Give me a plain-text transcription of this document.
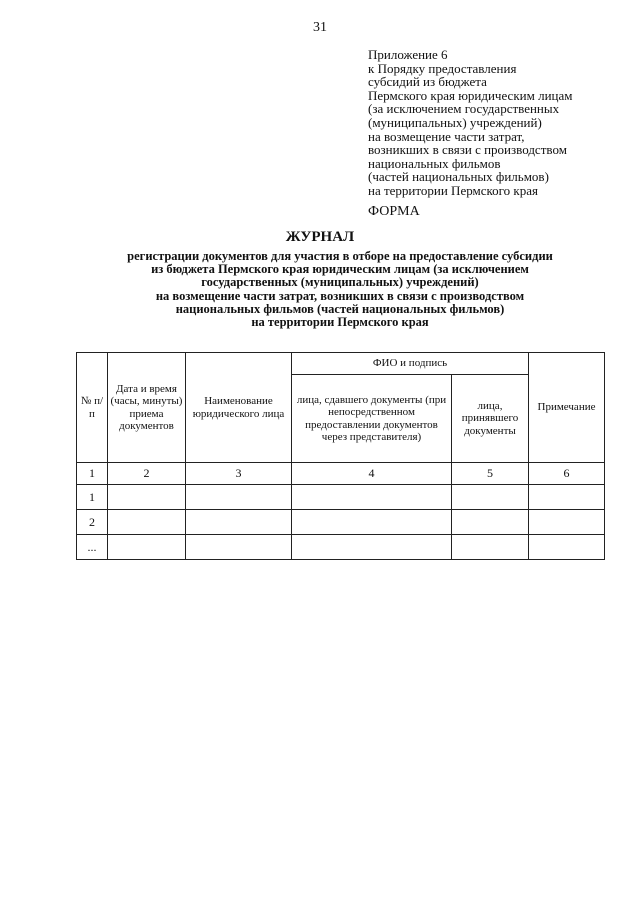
31
Приложение 6
к Порядку предоставления
субсидий из бюджета
Пермского края юридическим лицам
(за исключением государственных
(муниципальных) учреждений)
на возмещение части затрат,
возникших в связи с производством
национальных фильмов
(частей национальных фильмов)
на территории Пермского края
ФОРМА
ЖУРНАЛ
регистрации документов для участия в отборе на предоставление субсидии
из бюджета Пермского края юридическим лицам (за исключением
государственных (муниципальных) учреждений)
на возмещение части затрат, возникших в связи с производством
национальных фильмов (частей национальных фильмов)
на территории Пермского края
№ п/п	Дата и время (часы, минуты) приема документов	Наименование юридического лица	ФИО и подпись		Примечание
			лица, сдавшего документы (при непосредственном предоставлении документов через представителя)	лица, принявшего документы	
1	2	3	4	5	6
1					
2					
...					
